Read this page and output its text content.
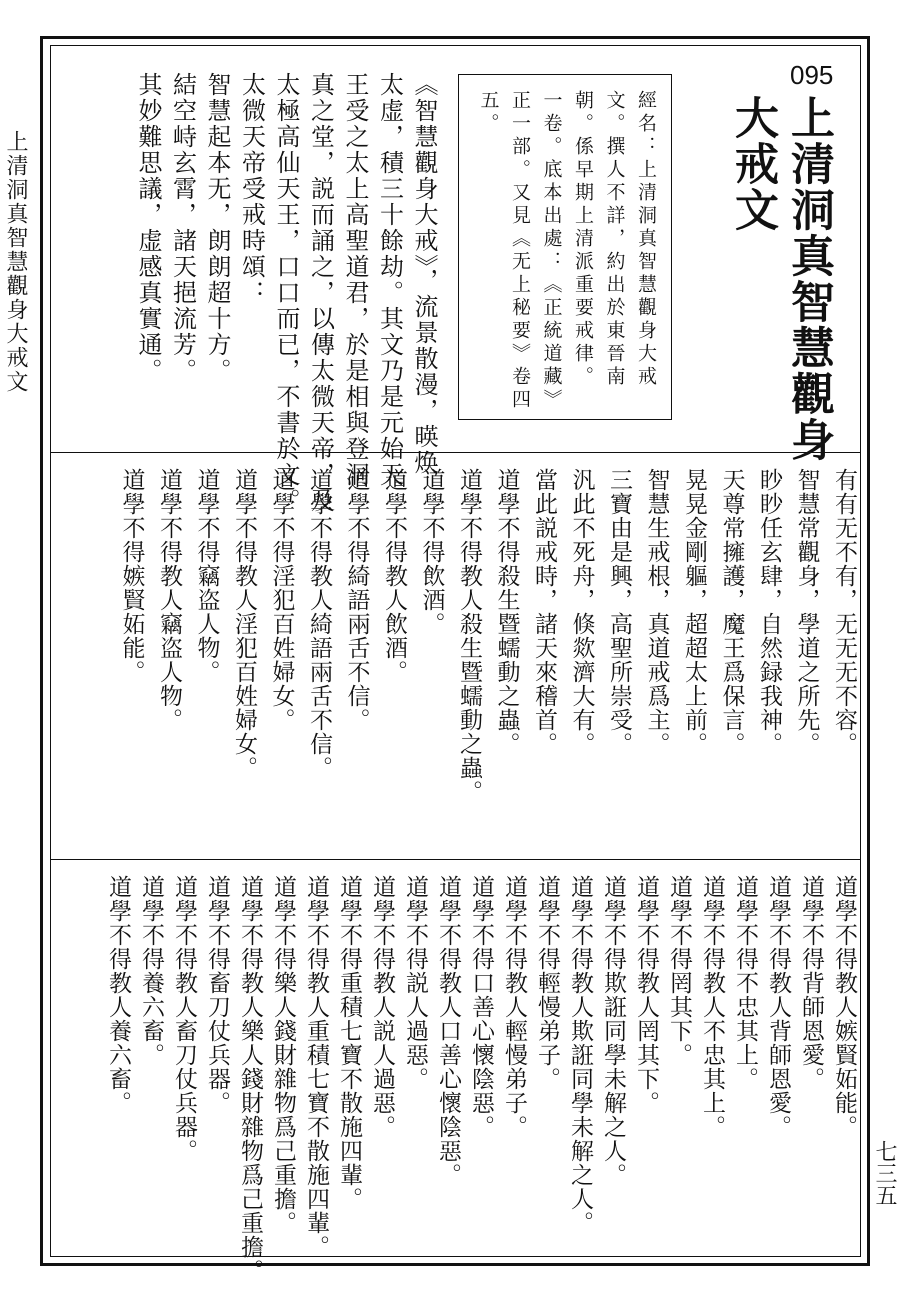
上清洞真智慧觀身大戒文
七三五
095
上清洞真智慧觀身
大戒文
經名：上清洞真智慧觀身大戒
文。撰人不詳，約出於東晉南
朝。係早期上清派重要戒律。
一卷。底本出處：《正統道藏》
正一部。又見《无上秘要》卷四
五。
《智慧觀身大戒》，流景散漫，暎焕
太虚，積三十餘劫。其文乃是元始天
王受之太上高聖道君，於是相與登洞
真之堂，説而誦之，以傳太微天帝，及
太極高仙天王，口口而已，不書於文。
太微天帝受戒時頌：
智慧起本无，朗朗超十方。
結空峙玄霄，諸天挹流芳。
其妙難思議，虚感真實通。
有有无不有，无无无不容。
智慧常觀身，學道之所先。
眇眇任玄肆，自然録我神。
天尊常擁護，魔王爲保言。
晃晃金剛軀，超超太上前。
智慧生戒根，真道戒爲主。
三寶由是興，高聖所崇受。
汎此不死舟，倏欻濟大有。
當此説戒時，諸天來稽首。
道學不得殺生暨蠕動之蟲。
道學不得教人殺生暨蠕動之蟲。
道學不得飲酒。
道學不得教人飲酒。
道學不得綺語兩舌不信。
道學不得教人綺語兩舌不信。
道學不得淫犯百姓婦女。
道學不得教人淫犯百姓婦女。
道學不得竊盗人物。
道學不得教人竊盗人物。
道學不得嫉賢妬能。
道學不得教人嫉賢妬能。
道學不得背師恩愛。
道學不得教人背師恩愛。
道學不得不忠其上。
道學不得教人不忠其上。
道學不得罔其下。
道學不得教人罔其下。
道學不得欺誑同學未解之人。
道學不得教人欺誑同學未解之人。
道學不得輕慢弟子。
道學不得教人輕慢弟子。
道學不得口善心懷陰惡。
道學不得教人口善心懷陰惡。
道學不得説人過惡。
道學不得教人説人過惡。
道學不得重積七寶不散施四輩。
道學不得教人重積七寶不散施四輩。
道學不得樂人錢財雜物爲己重擔。
道學不得教人樂人錢財雜物爲己重擔。
道學不得畜刀仗兵器。
道學不得教人畜刀仗兵器。
道學不得養六畜。
道學不得教人養六畜。
